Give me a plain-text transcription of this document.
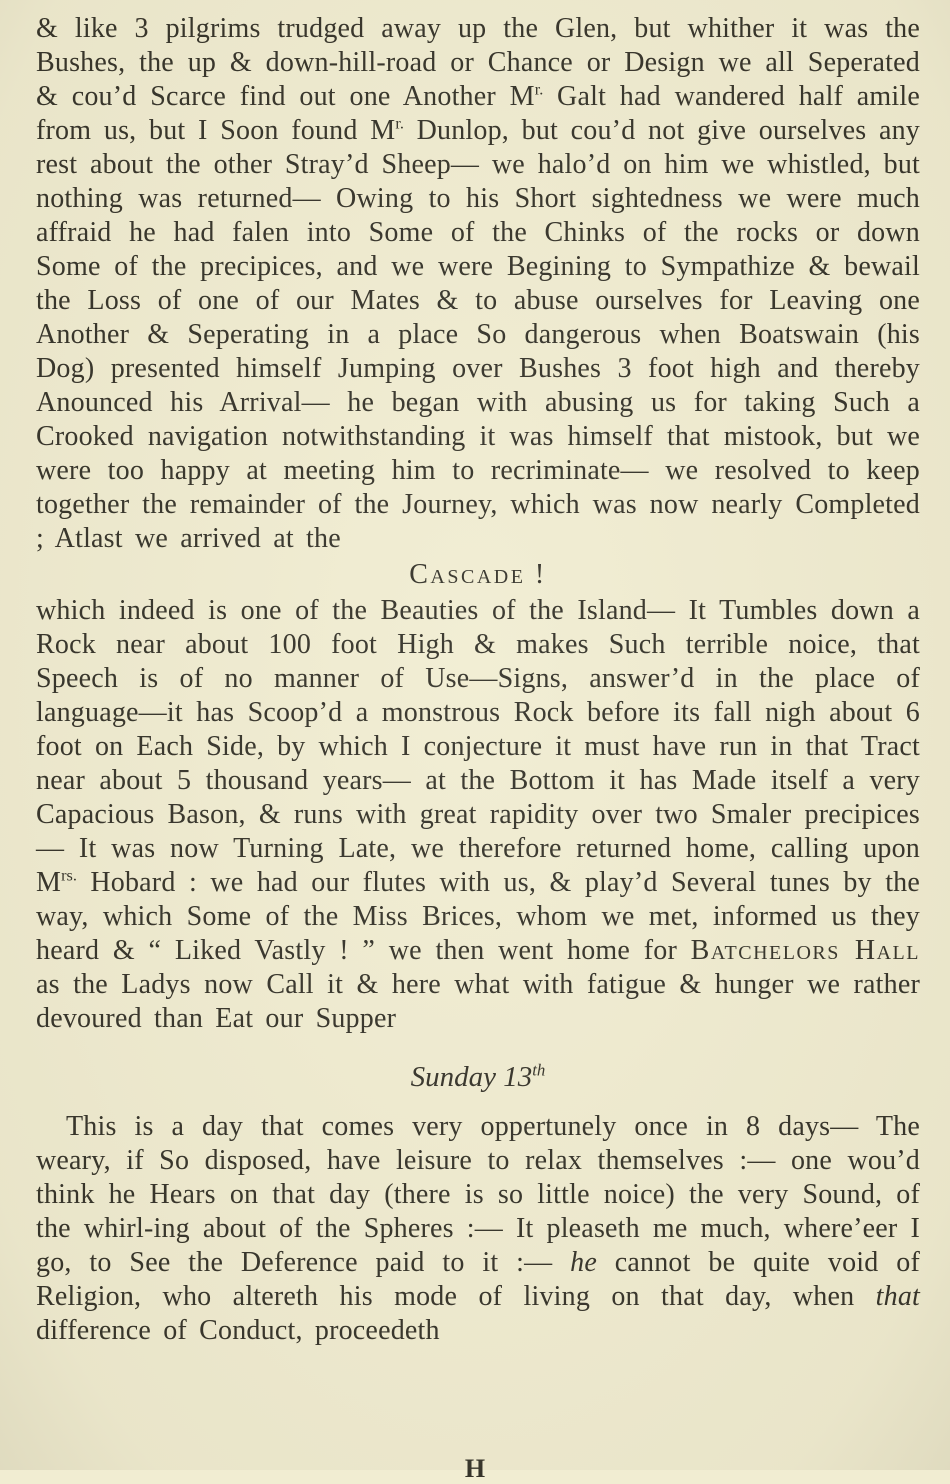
& like 3 pilgrims trudged away up the Glen, but whither it was the Bushes, the up & down-hill-road or Chance or Design we all Seperated & cou’d Scarce find out one Another $M^{r.}$ Galt had wandered half amile from us, but I Soon found $M^{r.}$ Dunlop, but cou’d not give ourselves any rest about the other Stray’d Sheep— we halo’d on him we whistled, but nothing was returned— Owing to his Short sightedness we were much affraid he had falen into Some of the Chinks of the rocks or down Some of the precipices, and we were Begining to Sympathize & bewail the Loss of one of our Mates & to abuse ourselves for Leaving one Another & Seperating in a place So dangerous when Boatswain (his Dog) presented himself Jumping over Bushes 3 foot high and thereby Anounced his Arrival— he began with abusing us for taking Such a Crooked navigation notwithstanding it was himself that mistook, but we were too happy at meeting him to recriminate— we resolved to keep together the remainder of the Journey, which was now nearly Completed ; Atlast we arrived at the

Cascade !

which indeed is one of the Beauties of the Island— It Tumbles down a Rock near about 100 foot High & makes Such terrible noice, that Speech is of no manner of Use—Signs, answer’d in the place of language—it has Scoop’d a monstrous Rock before its fall nigh about 6 foot on Each Side, by which I conjecture it must have run in that Tract near about 5 thousand years— at the Bottom it has Made itself a very Capacious Bason, & runs with great rapidity over two Smaler precipices— It was now Turning Late, we therefore returned home, calling upon $M^{rs.}$ Hobard : we had our flutes with us, & play’d Several tunes by the way, which Some of the Miss Brices, whom we met, informed us they heard & “ Liked Vastly ! ” we then went home for Batchelors Hall as the Ladys now Call it & here what with fatigue & hunger we rather devoured than Eat our Supper

Sunday 13th

This is a day that comes very oppertunely once in 8 days— The weary, if So disposed, have leisure to relax themselves :— one wou’d think he Hears on that day (there is so little noice) the very Sound, of the whirl-ing about of the Spheres :— It pleaseth me much, where’eer I go, to See the Deference paid to it :— he cannot be quite void of Religion, who altereth his mode of living on that day, when that difference of Conduct, proceedeth

H
